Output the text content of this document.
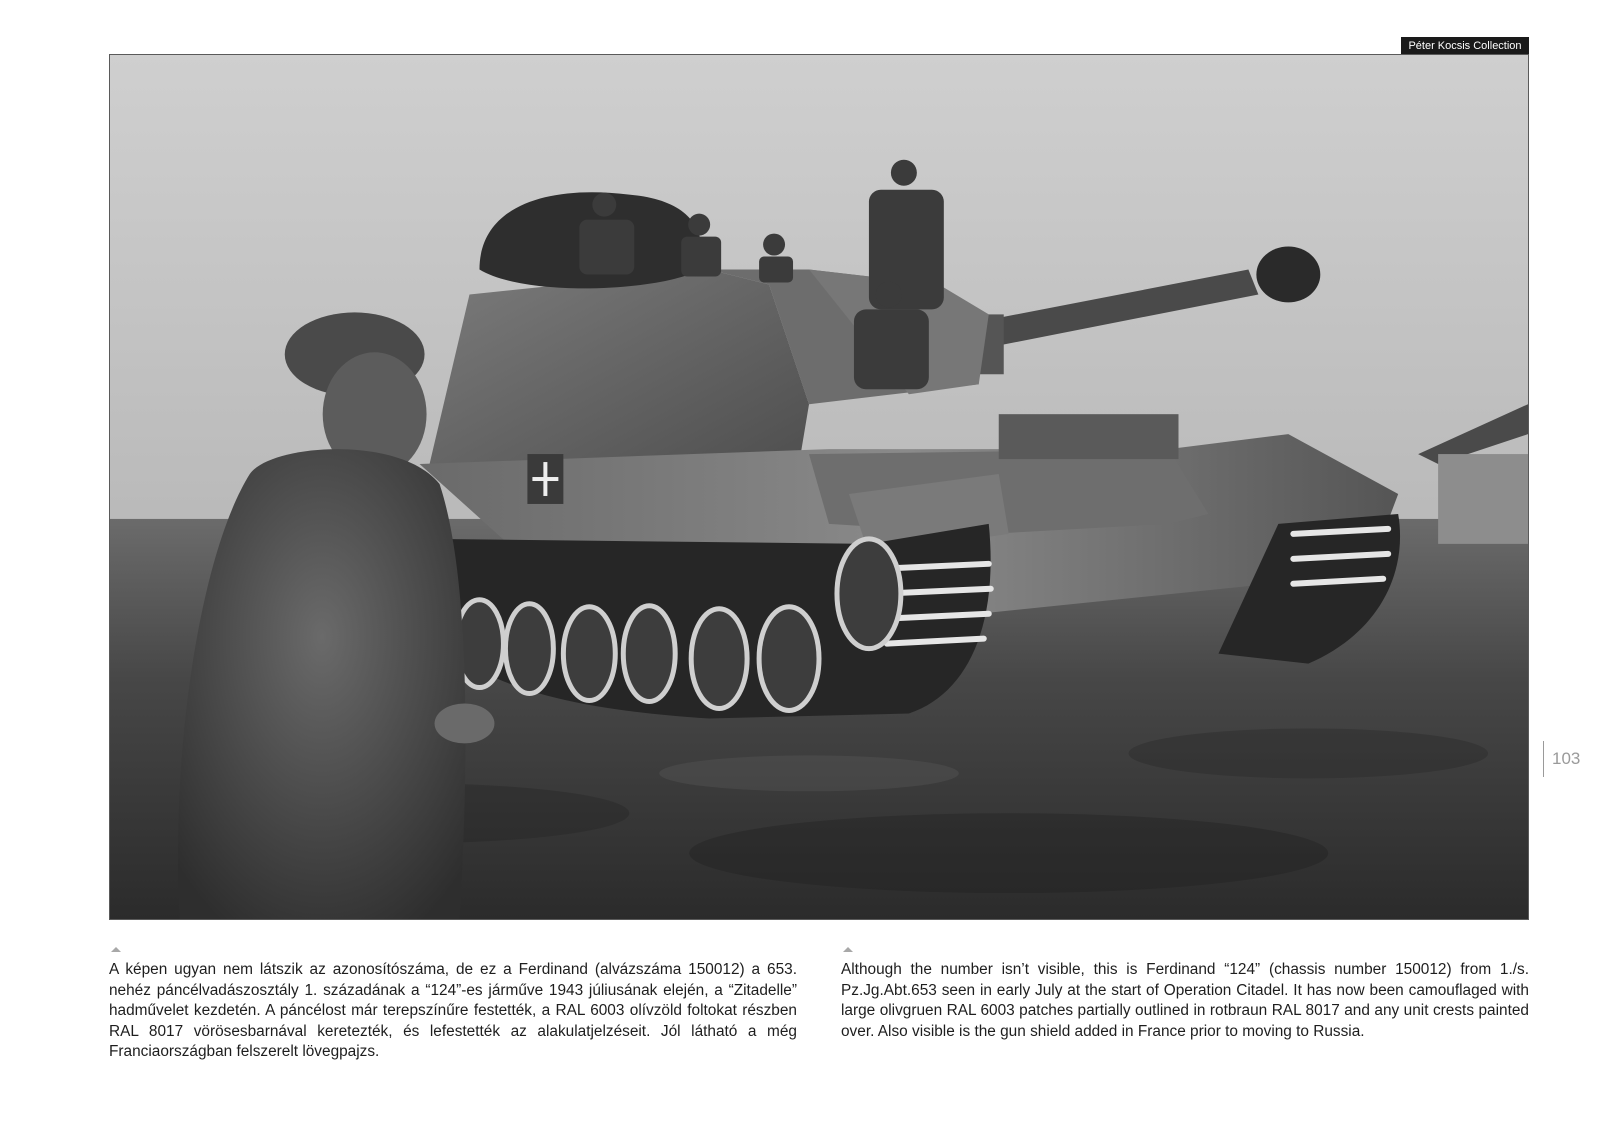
Péter Kocsis Collection
103
A képen ugyan nem látszik az azonosítószáma, de ez a Ferdinand (alvázszáma 150012) a 653. nehéz páncélvadászosztály 1. századának a “124”-es járműve 1943 júliusának elején, a “Zitadelle” hadművelet kezdetén. A páncélost már terepszínűre festették, a RAL 6003 olívzöld foltokat részben RAL 8017 vörösesbarnával keretezték, és lefestették az alakulatjelzéseit. Jól látható a még Franciaországban felszerelt lövegpajzs.
Although the number isn’t visible, this is Ferdinand “124” (chassis number 150012) from 1./s. Pz.Jg.Abt.653 seen in early July at the start of Operation Citadel. It has now been camouflaged with large olivgruen RAL 6003 patches partially outlined in rotbraun RAL 8017 and any unit crests painted over. Also visible is the gun shield added in France prior to moving to Russia.
